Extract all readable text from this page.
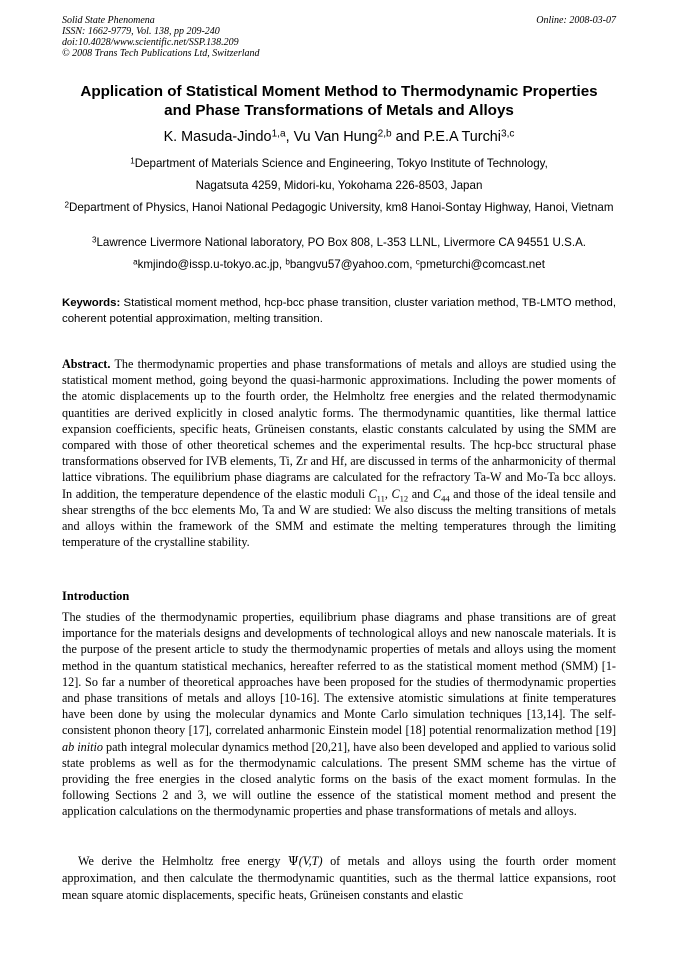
Solid State Phenomena
ISSN: 1662-9779, Vol. 138, pp 209-240
doi:10.4028/www.scientific.net/SSP.138.209
© 2008 Trans Tech Publications Ltd, Switzerland
Online: 2008-03-07
Application of Statistical Moment Method to Thermodynamic Properties
and Phase Transformations of Metals and Alloys
K. Masuda-Jindo$^{1,a}$, Vu Van Hung$^{2,b}$ and P.E.A Turchi$^{3,c}$
$^1$Department of Materials Science and Engineering, Tokyo Institute of Technology,
Nagatsuta 4259, Midori-ku, Yokohama 226-8503, Japan
$^2$Department of Physics, Hanoi National Pedagogic University, km8 Hanoi-Sontay Highway, Hanoi, Vietnam
$^3$Lawrence Livermore National laboratory, PO Box 808, L-353 LLNL, Livermore CA 94551 U.S.A.
$^a$kmjindo@issp.u-tokyo.ac.jp, $^b$bangvu57@yahoo.com, $^c$pmeturchi@comcast.net
Keywords: Statistical moment method, hcp-bcc phase transition, cluster variation method, TB-LMTO method, coherent potential approximation, melting transition.
Abstract. The thermodynamic properties and phase transformations of metals and alloys are studied using the statistical moment method, going beyond the quasi-harmonic approximations. Including the power moments of the atomic displacements up to the fourth order, the Helmholtz free energies and the related thermodynamic quantities are derived explicitly in closed analytic forms. The thermodynamic quantities, like thermal lattice expansion coefficients, specific heats, Grüneisen constants, elastic constants calculated by using the SMM are compared with those of other theoretical schemes and the experimental results. The hcp-bcc structural phase transformations observed for IVB elements, Ti, Zr and Hf, are discussed in terms of the anharmonicity of thermal lattice vibrations. The equilibrium phase diagrams are calculated for the refractory Ta-W and Mo-Ta bcc alloys. In addition, the temperature dependence of the elastic moduli $C_{11}$, $C_{12}$ and $C_{44}$ and those of the ideal tensile and shear strengths of the bcc elements Mo, Ta and W are studied: We also discuss the melting transitions of metals and alloys within the framework of the SMM and estimate the melting temperatures through the limiting temperature of the crystalline stability.
Introduction
The studies of the thermodynamic properties, equilibrium phase diagrams and phase transitions are of great importance for the materials designs and developments of technological alloys and new nanoscale materials. It is the purpose of the present article to study the thermodynamic properties of metals and alloys using the moment method in the quantum statistical mechanics, hereafter referred to as the statistical moment method (SMM) [1-12]. So far a number of theoretical approaches have been proposed for the studies of thermodynamic properties and phase transitions of metals and alloys [10-16]. The extensive atomistic simulations at finite temperatures have been done by using the molecular dynamics and Monte Carlo simulation techniques [13,14]. The self-consistent phonon theory [17], correlated anharmonic Einstein model [18] potential renormalization method [19] ab initio path integral molecular dynamics method [20,21], have also been developed and applied to various solid state problems as well as for the thermodynamic calculations. The present SMM scheme has the virtue of providing the free energies in the closed analytic forms on the basis of the exact moment formulas. In the following Sections 2 and 3, we will outline the essence of the statistical moment method and present the application calculations on the thermodynamic properties and phase transformations of metals and alloys.
We derive the Helmholtz free energy Ψ(V,T) of metals and alloys using the fourth order moment approximation, and then calculate the thermodynamic quantities, such as the thermal lattice expansions, root mean square atomic displacements, specific heats, Grüneisen constants and elastic
